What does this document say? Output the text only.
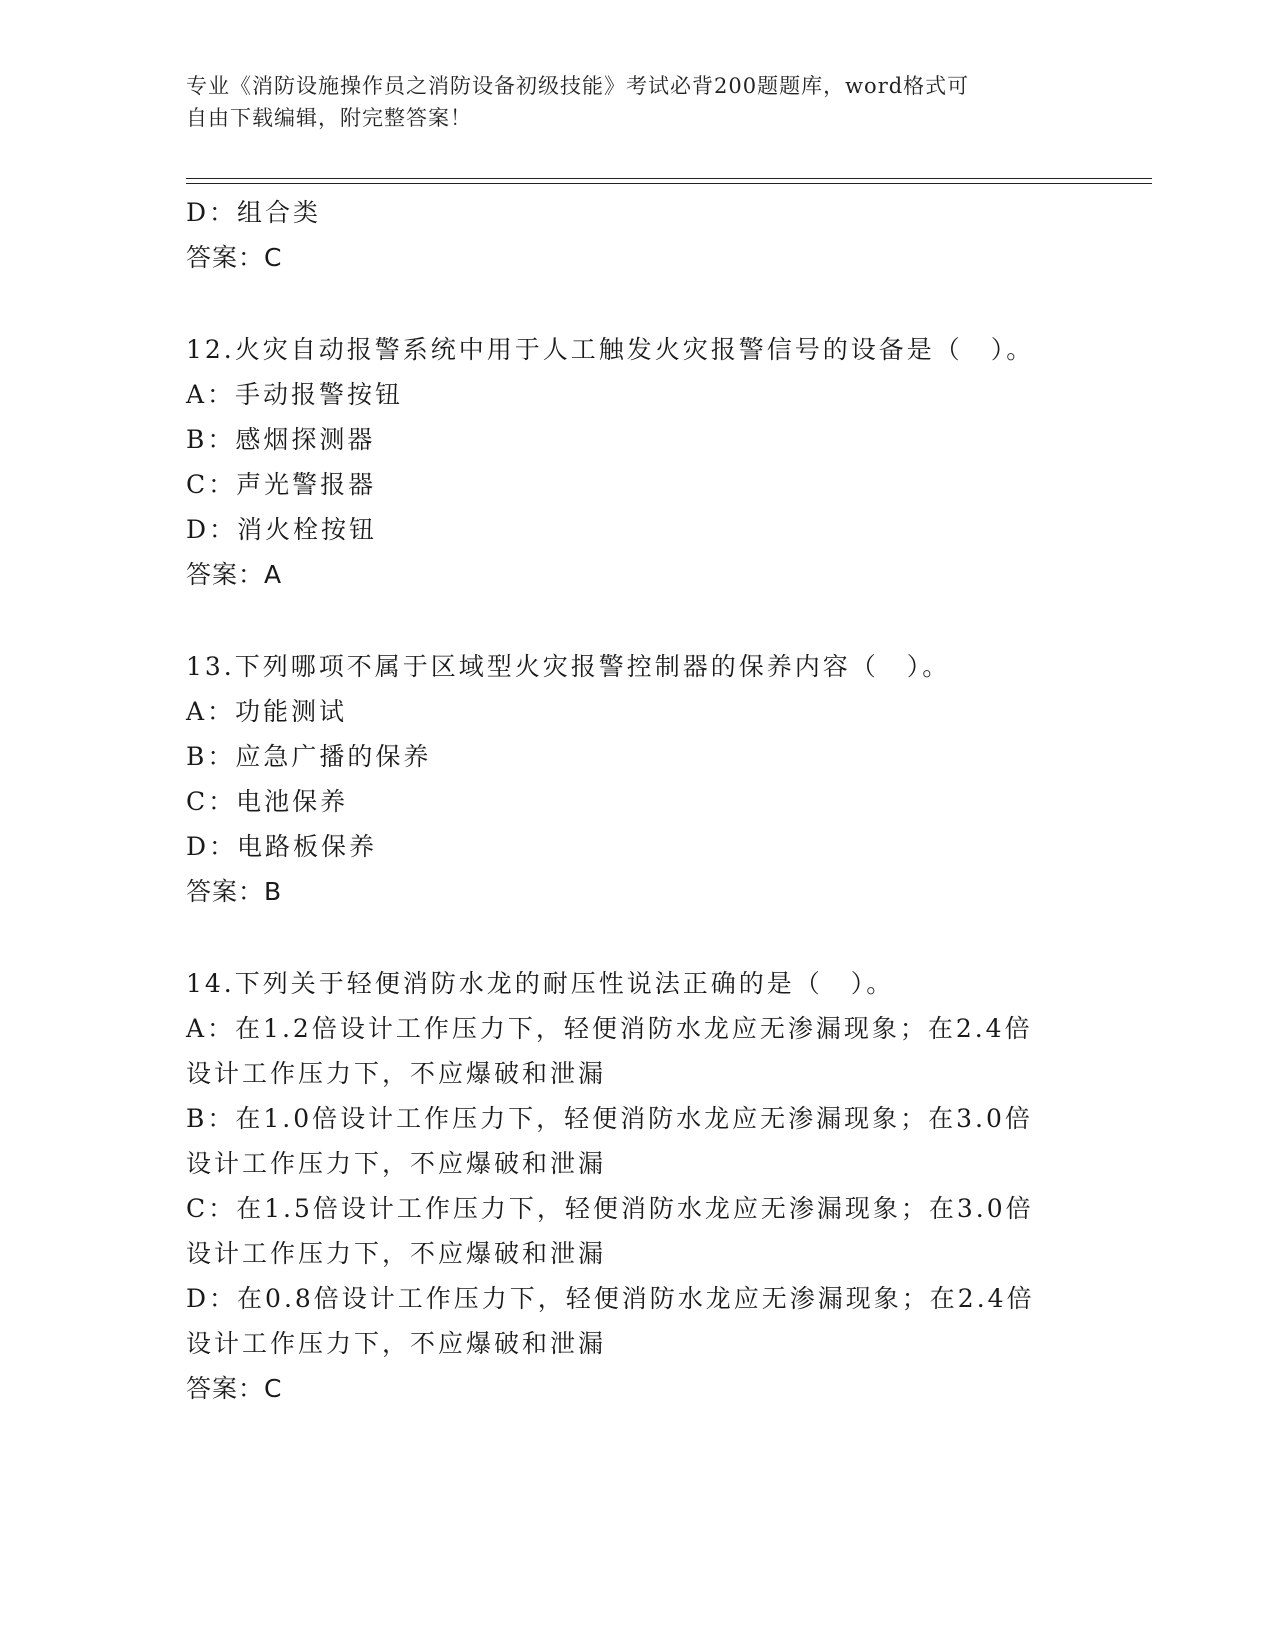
专业《消防设施操作员之消防设备初级技能》考试必背200题题库，word格式可
自由下载编辑，附完整答案！
D：组合类
答案：C
12.火灾自动报警系统中用于人工触发火灾报警信号的设备是（　）。
A：手动报警按钮
B：感烟探测器
C：声光警报器
D：消火栓按钮
答案：A
13.下列哪项不属于区域型火灾报警控制器的保养内容（　）。
A：功能测试
B：应急广播的保养
C：电池保养
D：电路板保养
答案：B
14.下列关于轻便消防水龙的耐压性说法正确的是（　）。
A：在1.2倍设计工作压力下，轻便消防水龙应无渗漏现象；在2.4倍
设计工作压力下，不应爆破和泄漏
B：在1.0倍设计工作压力下，轻便消防水龙应无渗漏现象；在3.0倍
设计工作压力下，不应爆破和泄漏
C：在1.5倍设计工作压力下，轻便消防水龙应无渗漏现象；在3.0倍
设计工作压力下，不应爆破和泄漏
D：在0.8倍设计工作压力下，轻便消防水龙应无渗漏现象；在2.4倍
设计工作压力下，不应爆破和泄漏
答案：C
